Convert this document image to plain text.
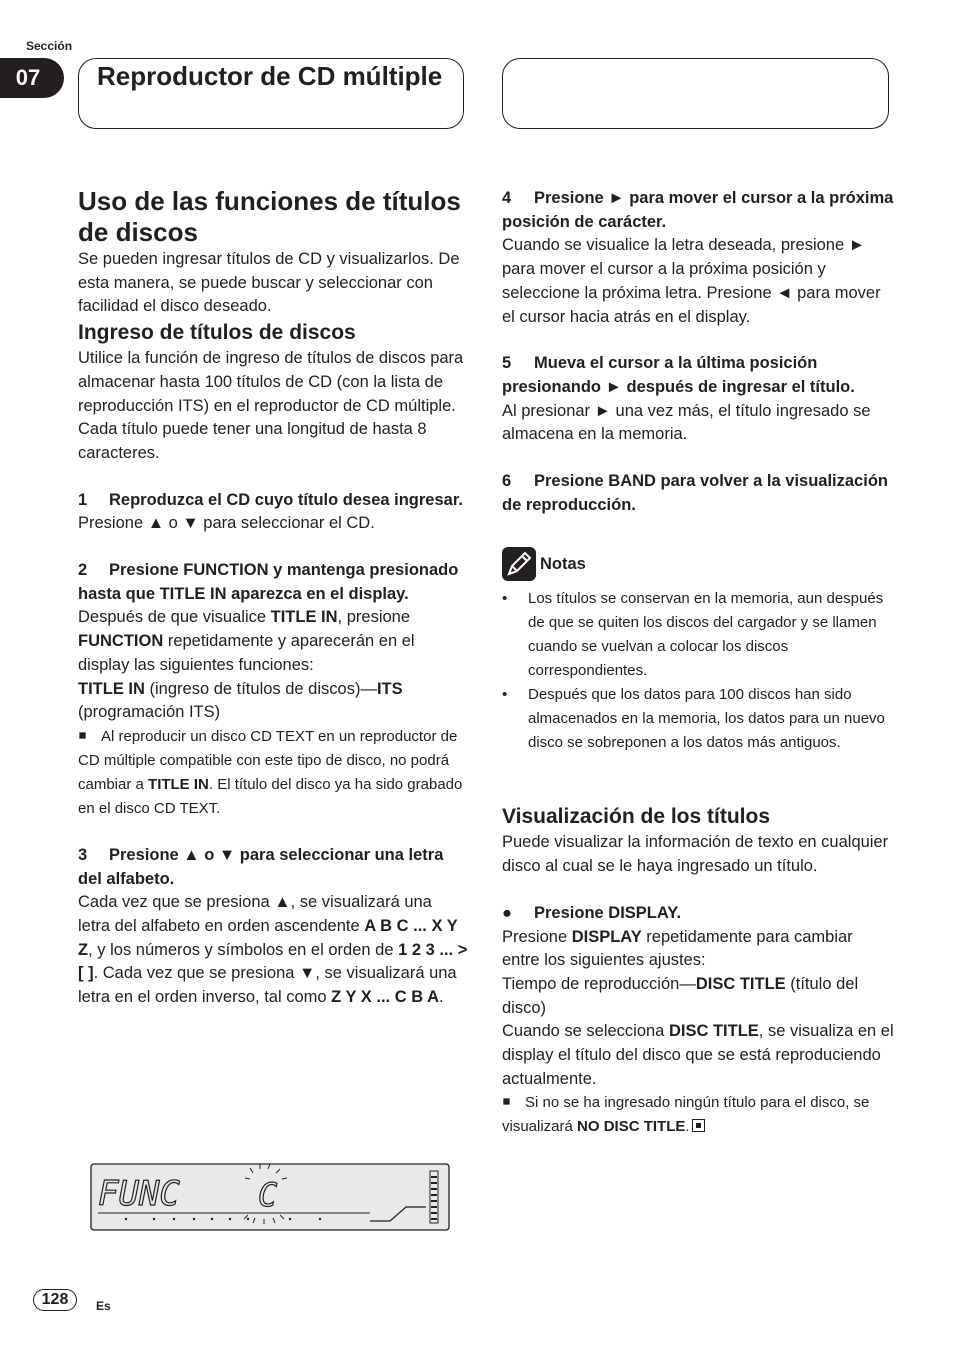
Sección
07	Reproductor de CD múltiple

Uso de las funciones de títulos de discos

Se pueden ingresar títulos de CD y visualizarlos. De esta manera, se puede buscar y seleccionar con facilidad el disco deseado.

Ingreso de títulos de discos

Utilice la función de ingreso de títulos de discos para almacenar hasta 100 títulos de CD (con la lista de reproducción ITS) en el reproductor de CD múltiple. Cada título puede tener una longitud de hasta 8 caracteres.

1 Reproduzca el CD cuyo título desea ingresar.

Presione ▲ o ▼ para seleccionar el CD.

2 Presione FUNCTION y mantenga presionado hasta que TITLE IN aparezca en el display.

Después de que visualice TITLE IN, presione FUNCTION repetidamente y aparecerán en el display las siguientes funciones:

TITLE IN (ingreso de títulos de discos)—ITS (programación ITS)

Al reproducir un disco CD TEXT en un reproductor de CD múltiple compatible con este tipo de disco, no podrá cambiar a TITLE IN. El título del disco ya ha sido grabado en el disco CD TEXT.

3 Presione ▲ o ▼ para seleccionar una letra del alfabeto.

Cada vez que se presiona ▲, se visualizará una letra del alfabeto en orden ascendente A B C ... X Y Z, y los números y símbolos en el orden de 1 2 3 ... > [ ]. Cada vez que se presiona ▼, se visualizará una letra en el orden inverso, tal como Z Y X ... C B A.

FUNC C

4 Presione ► para mover el cursor a la próxima posición de carácter.

Cuando se visualice la letra deseada, presione ► para mover el cursor a la próxima posición y seleccione la próxima letra. Presione ◄ para mover el cursor hacia atrás en el display.

5 Mueva el cursor a la última posición presionando ► después de ingresar el título.

Al presionar ► una vez más, el título ingresado se almacena en la memoria.

6 Presione BAND para volver a la visualización de reproducción.

Notas
• Los títulos se conservan en la memoria, aun después de que se quiten los discos del cargador y se llamen cuando se vuelvan a colocar los discos correspondientes.
• Después que los datos para 100 discos han sido almacenados en la memoria, los datos para un nuevo disco se sobreponen a los datos más antiguos.

Visualización de los títulos

Puede visualizar la información de texto en cualquier disco al cual se le haya ingresado un título.

● Presione DISPLAY.

Presione DISPLAY repetidamente para cambiar entre los siguientes ajustes:

Tiempo de reproducción—DISC TITLE (título del disco)

Cuando se selecciona DISC TITLE, se visualiza en el display el título del disco que se está reproduciendo actualmente.

Si no se ha ingresado ningún título para el disco, se visualizará NO DISC TITLE.

128	Es
